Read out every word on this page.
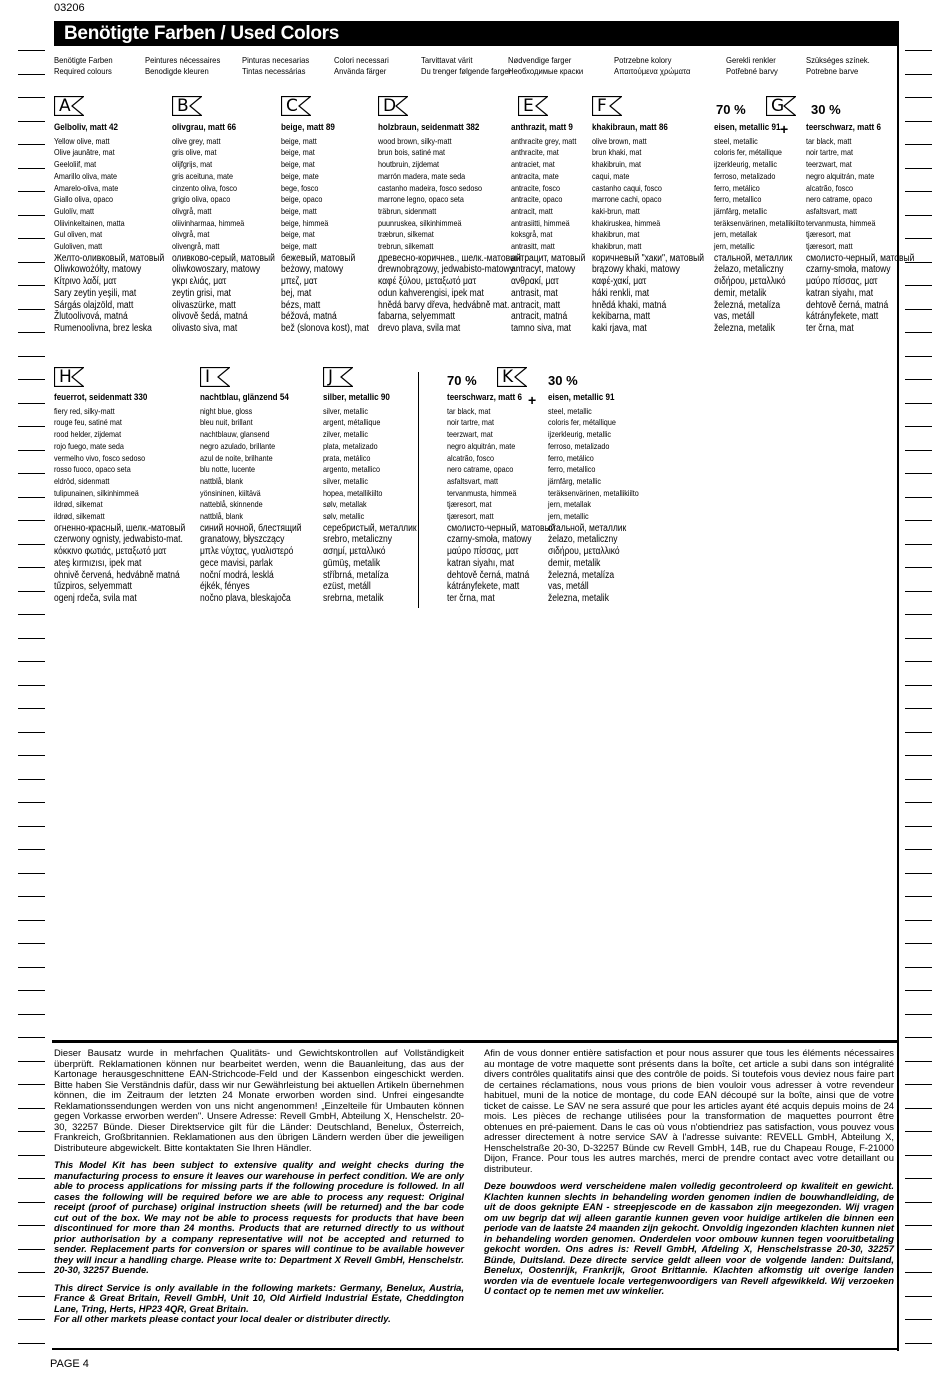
03206
Benötigte Farben / Used Colors
Benötigte Farben
Required colours
Peintures nécessaires
Benodigde kleuren
Pinturas necesarias
Tintas necessárias
Colori necessari
Använda färger
Tarvittavat värit
Du trenger følgende farger
Nødvendige farger
Необходимые краски
Potrzebne kolory
Απαιτούμενα χρώματα
Gerekli renkler
Potřebné barvy
Szükséges színek.
Potrebne barve
A
Gelboliv, matt 42
Yellow olive, matt
Olive jaunâtre, mat
Geeloliif, mat
Amarillo oliva, mate
Amarelo-oliva, mate
Giallo oliva, opaco
Gulolív, matt
Oliivinkeltainen, matta
Gul oliven, mat
Guloliven, matt
Желто-оливковый, матовый
Oliwkowożółty, matowy
Κίτρινο λαδί, ματ
Sary zeytin yeşili, mat
Sárgás olajzöld, matt
Žlutoolivová, matná
Rumenoolivna, brez leska
B
olivgrau, matt 66
olive grey, matt
gris olive, mat
olijfgrijs, mat
gris aceituna, mate
cinzento oliva, fosco
grigio oliva, opaco
olivgrå, matt
oliivinharmaa, himmeä
olivgrå, mat
olivengrå, matt
оливково-серый, матовый
oliwkowoszary, matowy
γκρι ελιάς, ματ
zeytin grisi, mat
olivaszürke, matt
olivově šedá, matná
olivasto siva, mat
C
beige, matt 89
beige, matt
beige, mat
beige, mat
beige, mate
bege, fosco
beige, opaco
beige, matt
beige, himmeä
beige, mat
beige, matt
бежевый, матовый
beżowy, matowy
μπεζ, ματ
bej, mat
bézs, matt
béžová, matná
bež (slonova kost), mat
D
holzbraun, seidenmatt 382
wood brown, silky-matt
brun bois, satiné mat
houtbruin, zijdemat
marrón madera, mate seda
castanho madeira, fosco sedoso
marrone legno, opaco seta
träbrun, sidenmatt
puunruskea, silkinhimmeä
træbrun, silkemat
trebrun, silkematt
древесно-коричнев., шелк.-матовый
drewnobrązowy, jedwabisto-matowy
καφέ ξύλου, μεταξωτό ματ
odun kahverengisi, ipek mat
hnědá barvy dřeva, hedvábně mat.
fabarna, selyemmatt
drevo plava, svila mat
E
anthrazit, matt 9
anthracite grey, matt
anthracite, mat
antraciet, mat
antracita, mate
antracite, fosco
antracite, opaco
antracit, matt
antrasiitti, himmeä
koksgrå, mat
antrasitt, matt
антрацит, матовый
antracyt, matowy
ανθρακί, ματ
antrasit, mat
antracit, matt
antracit, matná
tamno siva, mat
F
khakibraun, matt 86
olive brown, matt
brun khaki, mat
khakibruin, mat
caqui, mate
castanho caqui, fosco
marrone cachi, opaco
kaki-brun, matt
khakiruskea, himmeä
khakibrun, mat
khakibrun, matt
коричневый "хаки", матовый
brązowy khaki, matowy
καφέ-χακί, ματ
háki renkli, mat
hnědá khaki, matná
kekibarna, matt
kaki rjava, mat
eisen, metallic 91
steel, metallic
coloris fer, métallique
ijzerkleurig, metallic
ferroso, metalizado
ferro, metálico
ferro, metallico
järnfärg, metallic
teräksenvärinen, metallikiilto
jern, metallak
jern, metallic
стальной, металлик
żelazo, metaliczny
σιδήρου, μεταλλικό
demir, metalik
železná, metalíza
vas, metáll
železna, metalik
teerschwarz, matt 6
tar black, matt
noir tartre, mat
teerzwart, mat
negro alquitrán, mate
alcatrão, fosco
nero catrame, opaco
asfaltsvart, matt
tervanmusta, himmeä
tjæresort, mat
tjæresort, matt
смолисто-черный, матовый
czarny-smoła, matowy
μαύρο πίσσας, ματ
katran siyahı, mat
dehtově černá, matná
kátrányfekete, matt
ter črna, mat
70 % G 30 %
+
H
feuerrot, seidenmatt 330
fiery red, silky-matt
rouge feu, satiné mat
rood helder, zijdemat
rojo fuego, mate seda
vermelho vivo, fosco sedoso
rosso fuoco, opaco seta
eldröd, sidenmatt
tulipunainen, silkinhimmeä
ildrød, silkemat
ildrød, silkematt
огненно-красный, шелк.-матовый
czerwony ognisty, jedwabisto-mat.
κόκκινο φωτιάς, μεταξωτό ματ
ateş kırmızısı, ipek mat
ohnivě červená, hedvábně matná
tűzpiros, selyemmatt
ogenj rdeča, svila mat
I
nachtblau, glänzend 54
night blue, gloss
bleu nuit, brillant
nachtblauw, glansend
negro azulado, brillante
azul de noite, brilhante
blu notte, lucente
nattblå, blank
yönsininen, kiiltävä
natteblå, skinnende
nattblå, blank
синий ночной, блестящий
granatowy, błyszczący
μπλε νύχτας, γυαλιστερό
gece mavisi, parlak
noční modrá, lesklá
éjkék, fényes
nočno plava, bleskajoča
J
silber, metallic 90
silver, metallic
argent, métallique
zilver, metallic
plata, metalizado
prata, metálico
argento, metallico
silver, metallic
hopea, metallikiilto
sølv, metallak
sølv, metallic
серебристый, металлик
srebro, metaliczny
ασημί, μεταλλικό
gümüş, metalik
stříbrná, metalíza
ezüst, metáll
srebrna, metalik
teerschwarz, matt 6
tar black, mat
noir tartre, mat
teerzwart, mat
negro alquitrán, mate
alcatrão, fosco
nero catrame, opaco
asfaltsvart, matt
tervanmusta, himmeä
tjæresort, mat
tjæresort, matt
смолисто-черный, матовый
czarny-smoła, matowy
μαύρο πίσσας, ματ
katran siyahı, mat
dehtově černá, matná
kátrányfekete, matt
ter črna, mat
eisen, metallic 91
steel, metallic
coloris fer, métallique
ijzerkleurig, metallic
ferroso, metalizado
ferro, metálico
ferro, metallico
järnfärg, metallic
teräksenvärinen, metallikiilto
jern, metallak
jern, metallic
стальной, металлик
żelazo, metaliczny
σιδήρου, μεταλλικό
demir, metalik
železná, metalíza
vas, metáll
železna, metalik
70 % K	30 %
+

Dieser Bausatz wurde in mehrfachen Qualitäts- und Gewichtskontrollen auf Vollständigkeit überprüft. Reklamationen können nur bearbeitet werden, wenn die Bauanleitung, das aus der Kartonage herausgeschnittene EAN-Strichcode-Feld und der Kassenbon eingeschickt werden. Bitte haben Sie Verständnis dafür, dass wir nur Gewährleistung bei aktuellen Artikeln übernehmen können, die im Zeitraum der letzten 24 Monate erworben worden sind. Unfrei eingesandte Reklamationssendungen werden von uns nicht angenommen! „Einzelteile für Umbauten können gegen Vorkasse erworben werden". Unsere Adresse: Revell GmbH, Abteilung X, Henschelstr. 20-30, 32257 Bünde. Dieser Direktservice gilt für die Länder: Deutschland, Benelux, Österreich, Frankreich, Großbritannien. Reklamationen aus den übrigen Ländern werden über die jeweiligen Distributeure abgewickelt. Bitte kontaktaten Sie Ihren Händler.

This Model Kit has been subject to extensive quality and weight checks during the manufacturing process to ensure it leaves our warehouse in perfect condition. We are only able to process applications for missing parts if the following procedure is followed. In all cases the following will be required before we are able to process any request: Original receipt (proof of purchase) original instruction sheets (will be returned) and the bar code cut out of the box. We may not be able to process requests for products that have been discontinued for more than 24 months. Products that are returned directly to us without prior authorisation by a company representative will not be accepted and returned to sender. Replacement parts for conversion or spares will continue to be available however they will incur a handling charge. Please write to: Department X Revell GmbH, Henschelstr. 20-30, 32257 Buende.

This direct Service is only available in the following markets: Germany, Benelux, Austria, France & Great Britain, Revell GmbH, Unit 10, Old Airfield Industrial Estate, Cheddington Lane, Tring, Herts, HP23 4QR, Great Britain.

For all other markets please contact your local dealer or distributer directly.

Afin de vous donner entière satisfaction et pour nous assurer que tous les éléments nécessaires au montage de votre maquette sont présents dans la boîte, cet article a subi dans son intégralité divers contrôles qualitatifs ainsi que des contrôle de poids. Si toutefois vous deviez nous faire part de certaines réclamations, nous vous prions de bien vouloir vous adresser à votre revendeur habituel, muni de la notice de montage, du code EAN découpé sur la boîte, ainsi que de votre ticket de caisse. Le SAV ne sera assuré que pour les articles ayant été acquis depuis moins de 24 mois. Les pièces de rechange utilisées pour la transformation de maquettes pourront être obtenues en pré-paiement. Dans le cas où vous n'obtiendriez pas satisfaction, vous pouvez vous adresser directement à notre service SAV à l'adresse suivante: REVELL GmbH, Abteilung X, Henschelstraße 20-30, D-32257 Bünde cw Revell GmbH, 14B, rue du Chapeau Rouge, F-21000 Dijon, France. Pour tous les autres marchés, merci de prendre contact avec votre detaillant ou distributeur.

Deze bouwdoos werd verscheidene malen volledig gecontroleerd op kwaliteit en gewicht. Klachten kunnen slechts in behandeling worden genomen indien de bouwhandleiding, de uit de doos geknipte EAN - streepjescode en de kassabon zijn meegezonden. Wij vragen om uw begrip dat wij alleen garantie kunnen geven voor huidige artikelen die binnen een periode van de laatste 24 maanden zijn gekocht. Onvoldig ingezonden klachten kunnen niet in behandeling worden genomen. Onderdelen voor ombouw kunnen tegen vooruitbetaling gekocht worden. Ons adres is: Revell GmbH, Afdeling X, Henschelstrasse 20-30, 32257 Bünde, Duitsland. Deze directe service geldt alleen voor de volgende landen: Duitsland, Benelux, Oostenrijk, Frankrijk, Groot Brittannie. Klachten afkomstig uit overige landen worden via de eventuele locale vertegenwoordigers van Revell afgewikkeld. Wij verzoeken U contact op te nemen met uw winkelier.

PAGE 4
